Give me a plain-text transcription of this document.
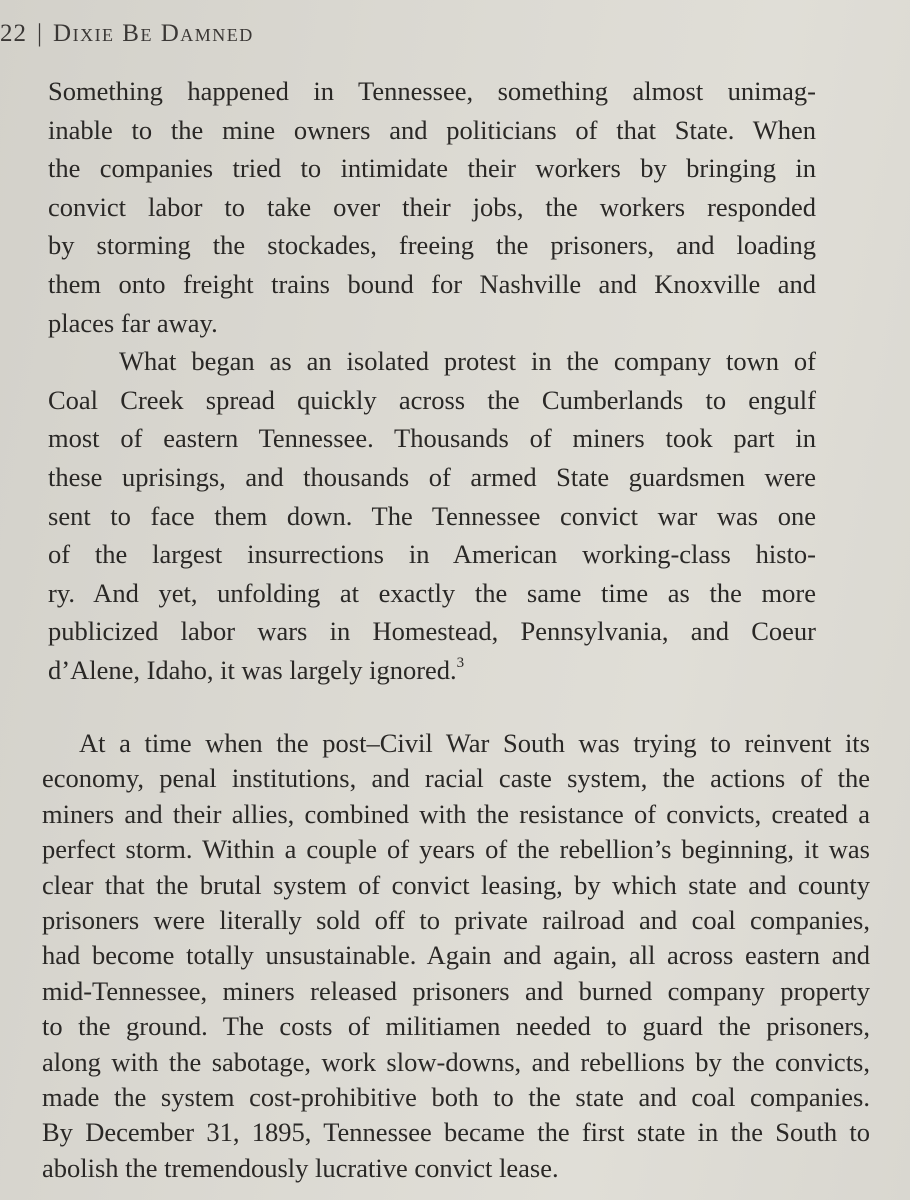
22 | Dixie Be Damned

Something happened in Tennessee, something almost unimag-
inable to the mine owners and politicians of that State. When
the companies tried to intimidate their workers by bringing in
convict labor to take over their jobs, the workers responded
by storming the stockades, freeing the prisoners, and loading
them onto freight trains bound for Nashville and Knoxville and
places far away.

What began as an isolated protest in the company town of
Coal Creek spread quickly across the Cumberlands to engulf
most of eastern Tennessee. Thousands of miners took part in
these uprisings, and thousands of armed State guardsmen were
sent to face them down. The Tennessee convict war was one
of the largest insurrections in American working-class histo-
ry. And yet, unfolding at exactly the same time as the more
publicized labor wars in Homestead, Pennsylvania, and Coeur
d’Alene, Idaho, it was largely ignored.$^3$

At a time when the post–Civil War South was trying to reinvent its
economy, penal institutions, and racial caste system, the actions of the
miners and their allies, combined with the resistance of convicts, created a
perfect storm. Within a couple of years of the rebellion’s beginning, it was
clear that the brutal system of convict leasing, by which state and county
prisoners were literally sold off to private railroad and coal companies,
had become totally unsustainable. Again and again, all across eastern and
mid-Tennessee, miners released prisoners and burned company property
to the ground. The costs of militiamen needed to guard the prisoners,
along with the sabotage, work slow-downs, and rebellions by the convicts,
made the system cost-prohibitive both to the state and coal companies.
By December 31, 1895, Tennessee became the first state in the South to
abolish the tremendously lucrative convict lease.
